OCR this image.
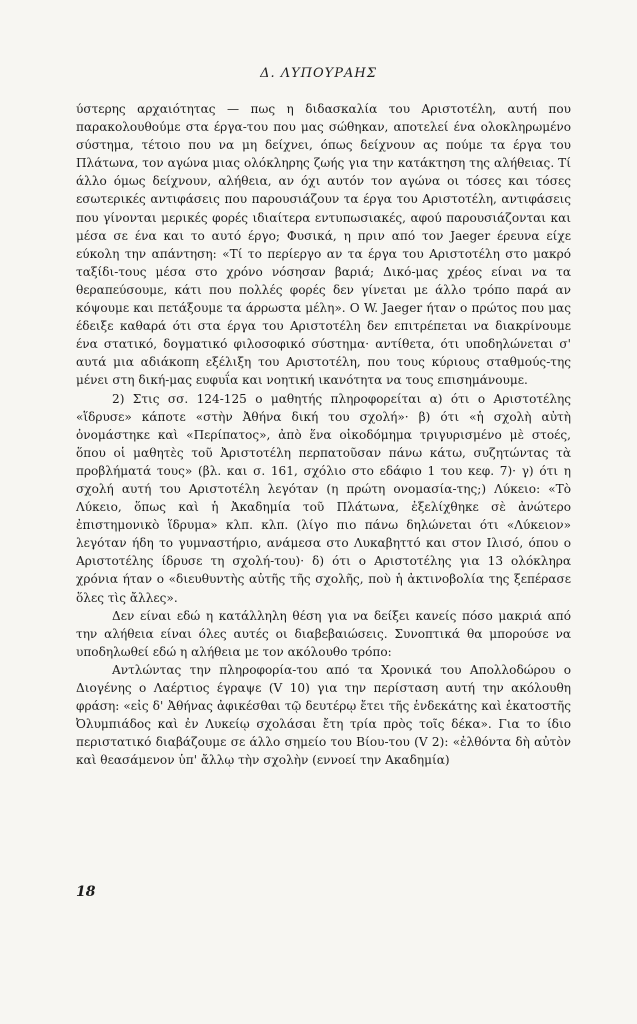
Δ. ΛΥΠΟΥΡΑΗΣ

ύστερης αρχαιότητας — πως η διδασκαλία του Αριστοτέλη, αυτή που παρακολουθούμε στα έργα-του που μας σώθηκαν, αποτελεί ένα ολοκληρωμένο σύστημα, τέτοιο που να μη δείχνει, όπως δείχνουν ας πούμε τα έργα του Πλάτωνα, τον αγώνα μιας ολόκληρης ζωής για την κατάκτηση της αλήθειας. Τί άλλο όμως δείχνουν, αλήθεια, αν όχι αυτόν τον αγώνα οι τόσες και τόσες εσωτερικές αντιφάσεις που παρουσιάζουν τα έργα του Αριστοτέλη, αντιφάσεις που γίνονται μερικές φορές ιδιαίτερα εντυπωσιακές, αφού παρουσιάζονται και μέσα σε ένα και το αυτό έργο; Φυσικά, η πριν από τον Jaeger έρευνα είχε εύκολη την απάντηση: «Τί το περίεργο αν τα έργα του Αριστοτέλη στο μακρό ταξίδι-τους μέσα στο χρόνο νόσησαν βαριά; Δικό-μας χρέος είναι να τα θεραπεύσουμε, κάτι που πολλές φορές δεν γίνεται με άλλο τρόπο παρά αν κόψουμε και πετάξουμε τα άρρωστα μέλη». Ο W. Jaeger ήταν ο πρώτος που μας έδειξε καθαρά ότι στα έργα του Αριστοτέλη δεν επιτρέπεται να διακρίνουμε ένα στατικό, δογματικό φιλοσοφικό σύστημα· αντίθετα, ότι υποδηλώνεται σ' αυτά μια αδιάκοπη εξέλιξη του Αριστοτέλη, που τους κύριους σταθμούς-της μένει στη δική-μας ευφυΐα και νοητική ικανότητα να τους επισημάνουμε.

2) Στις σσ. 124-125 ο μαθητής πληροφορείται α) ότι ο Αριστοτέλης «ἵδρυσε» κάποτε «στὴν Ἀθήνα δική του σχολή»· β) ότι «ἡ σχολὴ αὐτὴ ὀνομάστηκε καὶ «Περίπατος», ἀπὸ ἕνα οἰκοδόμημα τριγυρισμένο μὲ στοές, ὅπου οἱ μαθητὲς τοῦ Ἀριστοτέλη περπατοῦσαν πάνω κάτω, συζητώντας τὰ προβλήματά τους» (βλ. και σ. 161, σχόλιο στο εδάφιο 1 του κεφ. 7)· γ) ότι η σχολή αυτή του Αριστοτέλη λεγόταν (η πρώτη ονομασία-της;) Λύκειο: «Τὸ Λύκειο, ὅπως καὶ ἡ Ἀκαδημία τοῦ Πλάτωνα, ἐξελίχθηκε σὲ ἀνώτερο ἐπιστημονικὸ ἵδρυμα» κλπ. κλπ. (λίγο πιο πάνω δηλώνεται ότι «Λύκειον» λεγόταν ήδη το γυμναστήριο, ανάμεσα στο Λυκαβηττό και στον Ιλισό, όπου ο Αριστοτέλης ίδρυσε τη σχολή-του)· δ) ότι ο Αριστοτέλης για 13 ολόκληρα χρόνια ήταν ο «διευθυντὴς αὐτῆς τῆς σχολῆς, ποὺ ἡ ἀκτινοβολία της ξεπέρασε ὅλες τὶς ἄλλες».

Δεν είναι εδώ η κατάλληλη θέση για να δείξει κανείς πόσο μακριά από την αλήθεια είναι όλες αυτές οι διαβεβαιώσεις. Συνοπτικά θα μπορούσε να υποδηλωθεί εδώ η αλήθεια με τον ακόλουθο τρόπο:

Αντλώντας την πληροφορία-του από τα Χρονικά του Απολλοδώρου ο Διογένης ο Λαέρτιος έγραψε (V 10) για την περίσταση αυτή την ακόλουθη φράση: «εἰς δ' Ἀθήνας ἀφικέσθαι τῷ δευτέρῳ ἔτει τῆς ἑνδεκάτης καὶ ἑκατοστῆς Ὀλυμπιάδος καὶ ἐν Λυκείῳ σχολάσαι ἔτη τρία πρὸς τοῖς δέκα». Για το ίδιο περιστατικό διαβάζουμε σε άλλο σημείο του Βίου-του (V 2): «ἐλθόντα δὴ αὐτὸν καὶ θεασάμενον ὑπ' ἄλλῳ τὴν σχολὴν (εννοεί την Ακαδημία)

18
